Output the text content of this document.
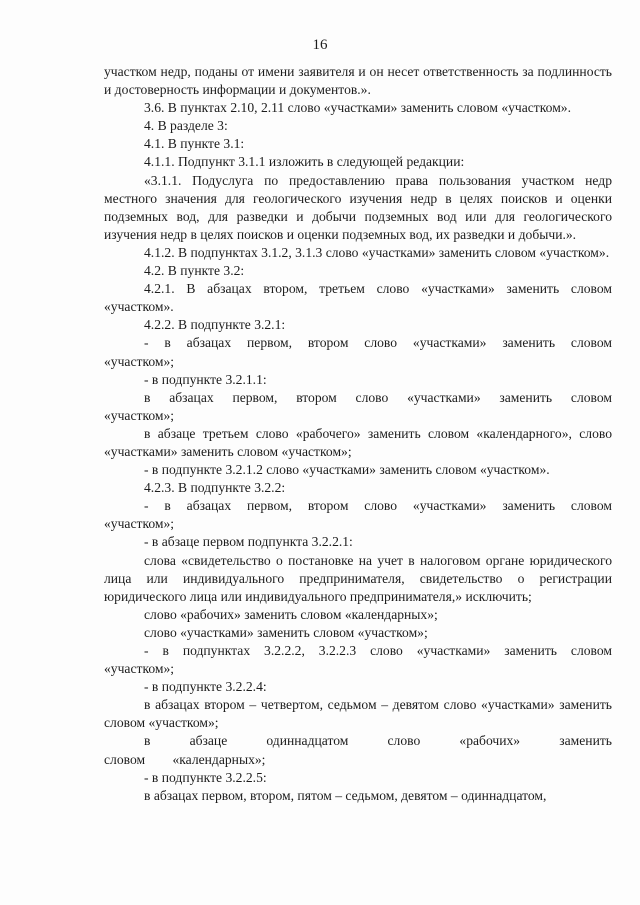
16

участком недр, поданы от имени заявителя и он несет ответственность за подлинность и достоверность информации и документов.».

3.6. В пунктах 2.10, 2.11 слово «участками» заменить словом «участком».

4. В разделе 3:

4.1. В пункте 3.1:

4.1.1. Подпункт 3.1.1 изложить в следующей редакции:

«3.1.1. Подуслуга по предоставлению права пользования участком недр местного значения для геологического изучения недр в целях поисков и оценки подземных вод, для разведки и добычи подземных вод или для геологического изучения недр в целях поисков и оценки подземных вод, их разведки и добычи.».

4.1.2. В подпунктах 3.1.2, 3.1.3 слово «участками» заменить словом «участком».

4.2. В пункте 3.2:

4.2.1. В абзацах втором, третьем слово «участками» заменить словом «участком».

4.2.2. В подпункте 3.2.1:

- в абзацах первом, втором слово «участками» заменить словом «участком»;

- в подпункте 3.2.1.1:

в абзацах первом, втором слово «участками» заменить словом «участком»;

в абзаце третьем слово «рабочего» заменить словом «календарного», слово «участками» заменить словом «участком»;

- в подпункте 3.2.1.2 слово «участками» заменить словом «участком».

4.2.3. В подпункте 3.2.2:

- в абзацах первом, втором слово «участками» заменить словом «участком»;

- в абзаце первом подпункта 3.2.2.1:

слова «свидетельство о постановке на учет в налоговом органе юридического лица или индивидуального предпринимателя, свидетельство о регистрации юридического лица или индивидуального предпринимателя,» исключить;

слово «рабочих» заменить словом «календарных»;

слово «участками» заменить словом «участком»;

- в подпунктах 3.2.2.2, 3.2.2.3 слово «участками» заменить словом «участком»;

- в подпункте 3.2.2.4:

в абзацах втором – четвертом, седьмом – девятом слово «участками» заменить словом «участком»;

в абзаце одиннадцатом слово «рабочих» заменить словом «календарных»;

- в подпункте 3.2.2.5:

в абзацах первом, втором, пятом – седьмом, девятом – одиннадцатом,
